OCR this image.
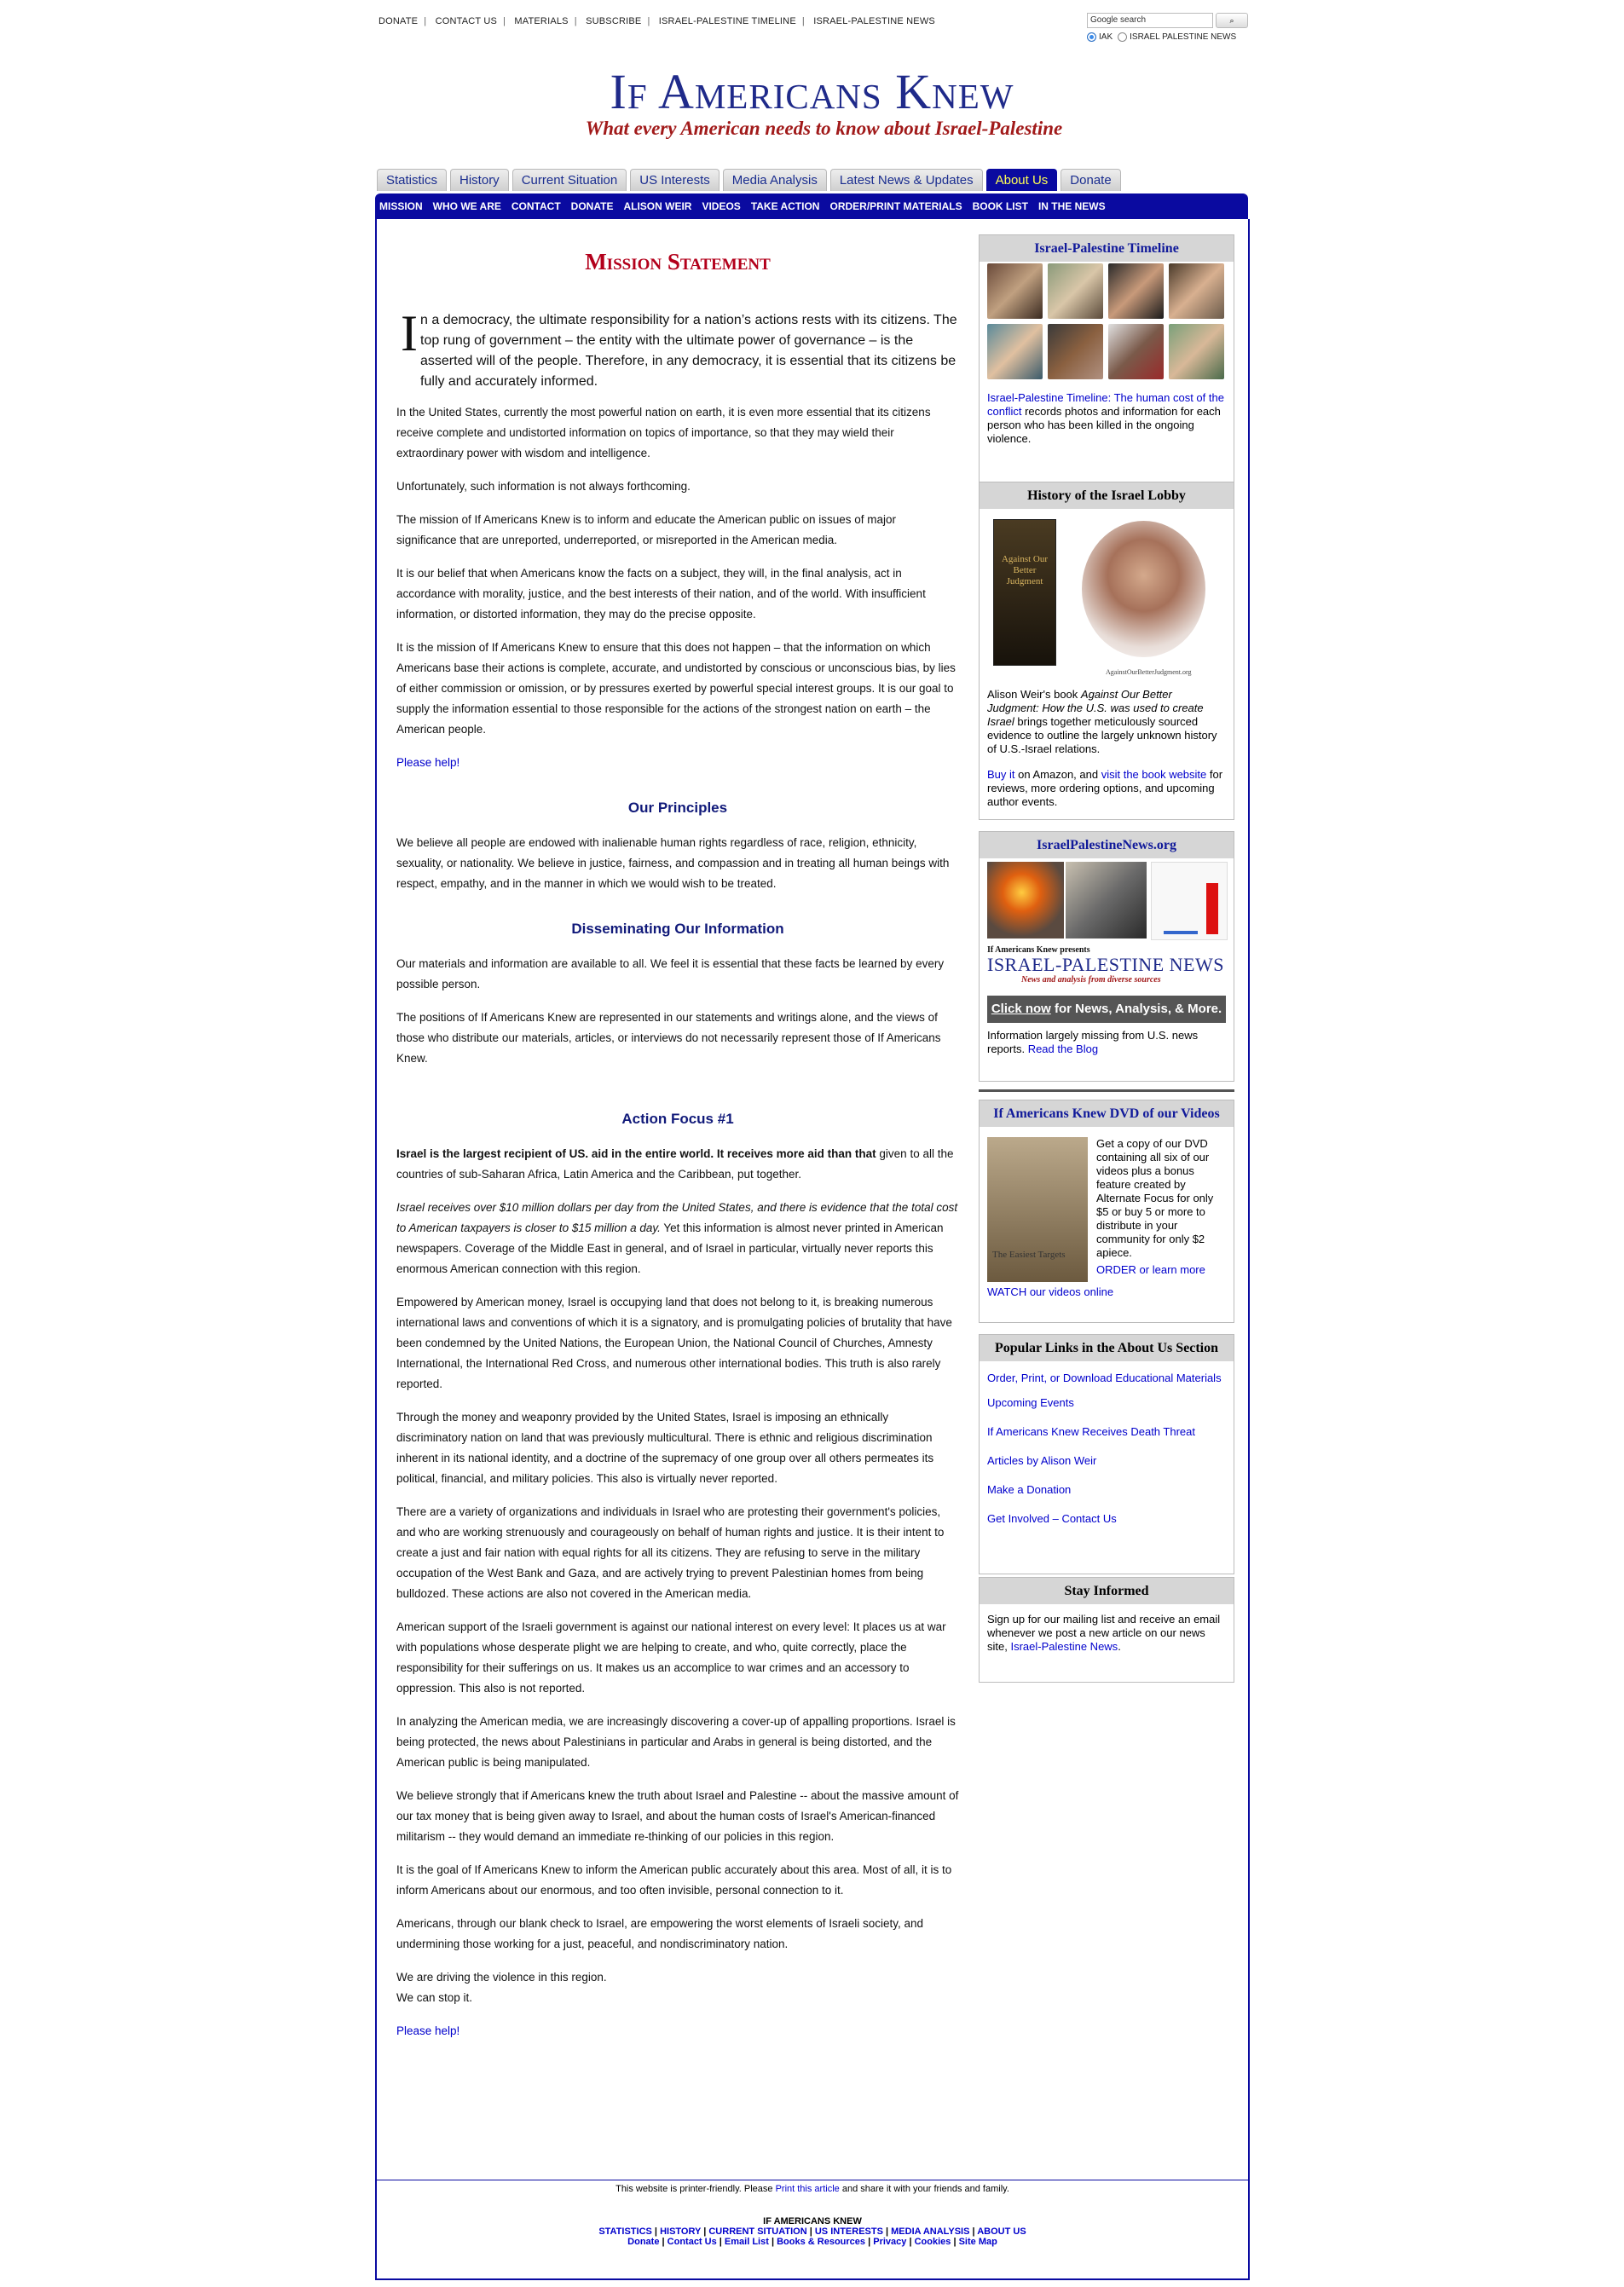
DONATE | CONTACT US | MATERIALS | SUBSCRIBE | ISRAEL-PALESTINE TIMELINE | ISRAEL-PALESTINE NEWS	Google search	⌕
IAK ISRAEL PALESTINE NEWS
If Americans Knew
What every American needs to know about Israel-Palestine
Statistics	History	Current Situation	US Interests	Media Analysis	Latest News & Updates	About Us	Donate
MISSION WHO WE ARE CONTACT DONATE ALISON WEIR VIDEOS TAKE ACTION ORDER/PRINT MATERIALS BOOK LIST IN THE NEWS
Mission Statement
I n a democracy, the ultimate responsibility for a nation’s actions rests with its citizens. The top rung of government – the entity with the ultimate power of governance – is the asserted will of the people. Therefore, in any democracy, it is essential that its citizens be fully and accurately informed.

In the United States, currently the most powerful nation on earth, it is even more essential that its citizens receive complete and undistorted information on topics of importance, so that they may wield their extraordinary power with wisdom and intelligence.

Unfortunately, such information is not always forthcoming.

The mission of If Americans Knew is to inform and educate the American public on issues of major significance that are unreported, underreported, or misreported in the American media.

It is our belief that when Americans know the facts on a subject, they will, in the final analysis, act in accordance with morality, justice, and the best interests of their nation, and of the world. With insufficient information, or distorted information, they may do the precise opposite.

It is the mission of If Americans Knew to ensure that this does not happen – that the information on which Americans base their actions is complete, accurate, and undistorted by conscious or unconscious bias, by lies of either commission or omission, or by pressures exerted by powerful special interest groups. It is our goal to supply the information essential to those responsible for the actions of the strongest nation on earth – the American people.

Please help!

Our Principles

We believe all people are endowed with inalienable human rights regardless of race, religion, ethnicity, sexuality, or nationality. We believe in justice, fairness, and compassion and in treating all human beings with respect, empathy, and in the manner in which we would wish to be treated.

Disseminating Our Information

Our materials and information are available to all. We feel it is essential that these facts be learned by every possible person.

The positions of If Americans Knew are represented in our statements and writings alone, and the views of those who distribute our materials, articles, or interviews do not necessarily represent those of If Americans Knew.

Action Focus #1

Israel is the largest recipient of US. aid in the entire world. It receives more aid than that given to all the countries of sub-Saharan Africa, Latin America and the Caribbean, put together.

Israel receives over $10 million dollars per day from the United States, and there is evidence that the total cost to American taxpayers is closer to $15 million a day. Yet this information is almost never printed in American newspapers. Coverage of the Middle East in general, and of Israel in particular, virtually never reports this enormous American connection with this region.

Empowered by American money, Israel is occupying land that does not belong to it, is breaking numerous international laws and conventions of which it is a signatory, and is promulgating policies of brutality that have been condemned by the United Nations, the European Union, the National Council of Churches, Amnesty International, the International Red Cross, and numerous other international bodies. This truth is also rarely reported.

Through the money and weaponry provided by the United States, Israel is imposing an ethnically discriminatory nation on land that was previously multicultural. There is ethnic and religious discrimination inherent in its national identity, and a doctrine of the supremacy of one group over all others permeates its political, financial, and military policies. This also is virtually never reported.

There are a variety of organizations and individuals in Israel who are protesting their government's policies, and who are working strenuously and courageously on behalf of human rights and justice. It is their intent to create a just and fair nation with equal rights for all its citizens. They are refusing to serve in the military occupation of the West Bank and Gaza, and are actively trying to prevent Palestinian homes from being bulldozed. These actions are also not covered in the American media.

American support of the Israeli government is against our national interest on every level: It places us at war with populations whose desperate plight we are helping to create, and who, quite correctly, place the responsibility for their sufferings on us. It makes us an accomplice to war crimes and an accessory to oppression. This also is not reported.

In analyzing the American media, we are increasingly discovering a cover-up of appalling proportions. Israel is being protected, the news about Palestinians in particular and Arabs in general is being distorted, and the American public is being manipulated.

We believe strongly that if Americans knew the truth about Israel and Palestine -- about the massive amount of our tax money that is being given away to Israel, and about the human costs of Israel's American-financed militarism -- they would demand an immediate re-thinking of our policies in this region.

It is the goal of If Americans Knew to inform the American public accurately about this area. Most of all, it is to inform Americans about our enormous, and too often invisible, personal connection to it.

Americans, through our blank check to Israel, are empowering the worst elements of Israeli society, and undermining those working for a just, peaceful, and nondiscriminatory nation.

We are driving the violence in this region.
We can stop it.

Please help!

Israel-Palestine Timeline
Israel-Palestine Timeline: The human cost of the conflict records photos and information for each person who has been killed in the ongoing violence.
History of the Israel Lobby
Against Our Better Judgment
AgainstOurBetterJudgment.org
Alison Weir's book Against Our Better Judgment: How the U.S. was used to create Israel brings together meticulously sourced evidence to outline the largely unknown history of U.S.-Israel relations.
Buy it on Amazon, and visit the book website for reviews, more ordering options, and upcoming author events.
IsraelPalestineNews.org
If Americans Knew presents
ISRAEL-PALESTINE NEWS
News and analysis from diverse sources
Click now for News, Analysis, & More.
Information largely missing from U.S. news reports. Read the Blog
If Americans Knew DVD of our Videos
The Easiest Targets
Get a copy of our DVD containing all six of our videos plus a bonus feature created by Alternate Focus for only $5 or buy 5 or more to distribute in your community for only $2 apiece.
ORDER or learn more
WATCH our videos online
Popular Links in the About Us Section
Order, Print, or Download Educational Materials
Upcoming Events
If Americans Knew Receives Death Threat
Articles by Alison Weir
Make a Donation
Get Involved – Contact Us
Stay Informed
Sign up for our mailing list and receive an email whenever we post a new article on our news site, Israel-Palestine News.
This website is printer-friendly. Please Print this article and share it with your friends and family.
IF AMERICANS KNEW
STATISTICS | HISTORY | CURRENT SITUATION | US INTERESTS | MEDIA ANALYSIS | ABOUT US
Donate | Contact Us | Email List | Books & Resources | Privacy | Cookies | Site Map
